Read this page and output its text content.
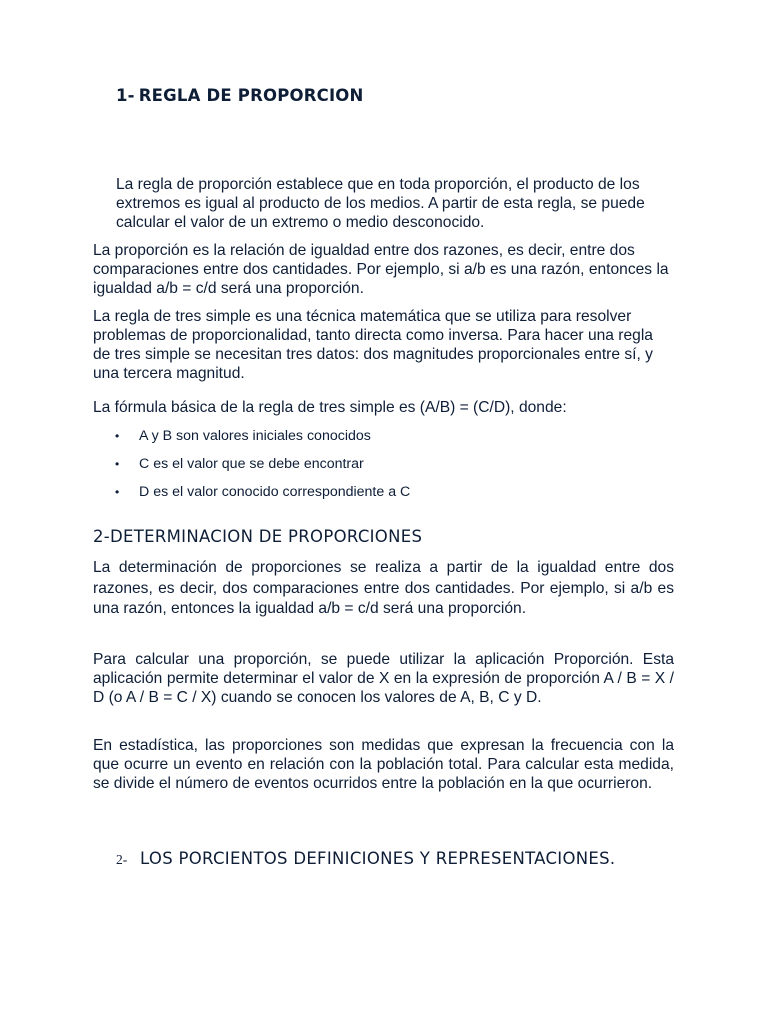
1- REGLA DE PROPORCION

La regla de proporción establece que en toda proporción, el producto de los extremos es igual al producto de los medios. A partir de esta regla, se puede calcular el valor de un extremo o medio desconocido.

La proporción es la relación de igualdad entre dos razones, es decir, entre dos comparaciones entre dos cantidades. Por ejemplo, si a/b es una razón, entonces la igualdad a/b = c/d será una proporción.

La regla de tres simple es una técnica matemática que se utiliza para resolver problemas de proporcionalidad, tanto directa como inversa. Para hacer una regla de tres simple se necesitan tres datos: dos magnitudes proporcionales entre sí, y una tercera magnitud.

La fórmula básica de la regla de tres simple es (A/B) = (C/D), donde:

• A y B son valores iniciales conocidos
• C es el valor que se debe encontrar
• D es el valor conocido correspondiente a C
2-DETERMINACION DE PROPORCIONES

La determinación de proporciones se realiza a partir de la igualdad entre dos razones, es decir, dos comparaciones entre dos cantidades. Por ejemplo, si a/b es una razón, entonces la igualdad a/b = c/d será una proporción.

Para calcular una proporción, se puede utilizar la aplicación Proporción. Esta aplicación permite determinar el valor de X en la expresión de proporción A / B = X / D (o A / B = C / X) cuando se conocen los valores de A, B, C y D.

En estadística, las proporciones son medidas que expresan la frecuencia con la que ocurre un evento en relación con la población total. Para calcular esta medida, se divide el número de eventos ocurridos entre la población en la que ocurrieron.

2- LOS PORCIENTOS DEFINICIONES Y REPRESENTACIONES.
